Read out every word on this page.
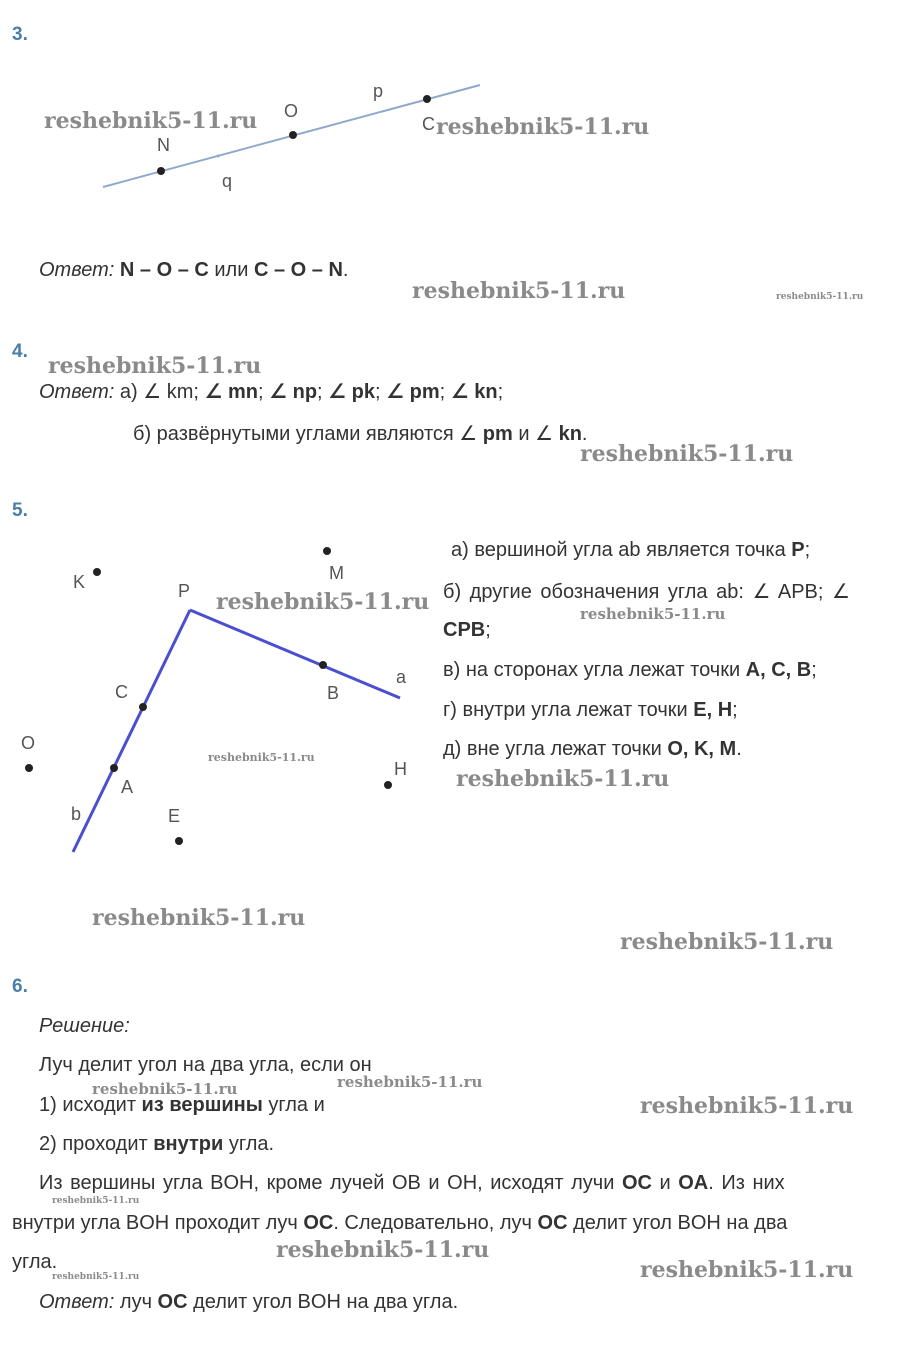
3.
p
O
C
N
q
Ответ: N – O – C или C – O – N.
4.
Ответ: а) ∠ km; ∠ mn; ∠ np; ∠ pk; ∠ pm; ∠ kn;
б) развёрнутыми углами являются ∠ pm и ∠ kn.
5.
K	M
P
C	B
a
O
A
H
b	E
а) вершиной угла ab является точка P;
б) другие обозначения угла ab: ∠ APB; ∠
CPB;
в) на сторонах угла лежат точки A, C, B;
г) внутри угла лежат точки E, H;
д) вне угла лежат точки O, K, M.
6.
Решение:
Луч делит угол на два угла, если он
1) исходит из вершины угла и
2) проходит внутри угла.
Из вершины угла BOH, кроме лучей OB и OH, исходят лучи OC и OA. Из них
внутри угла BOH проходит луч OC. Следовательно, луч OC делит угол BOH на два
угла.
Ответ: луч OC делит угол BOH на два угла.
reshebnik5-11.ru	reshebnik5-11.ru
reshebnik5-11.ru	reshebnik5-11.ru
reshebnik5-11.ru
reshebnik5-11.ru
reshebnik5-11.ru	reshebnik5-11.ru
reshebnik5-11.ru
reshebnik5-11.ru
reshebnik5-11.ru
reshebnik5-11.ru
reshebnik5-11.ru	reshebnik5-11.ru
reshebnik5-11.ru
reshebnik5-11.ru
reshebnik5-11.ru
reshebnik5-11.ru	reshebnik5-11.ru
